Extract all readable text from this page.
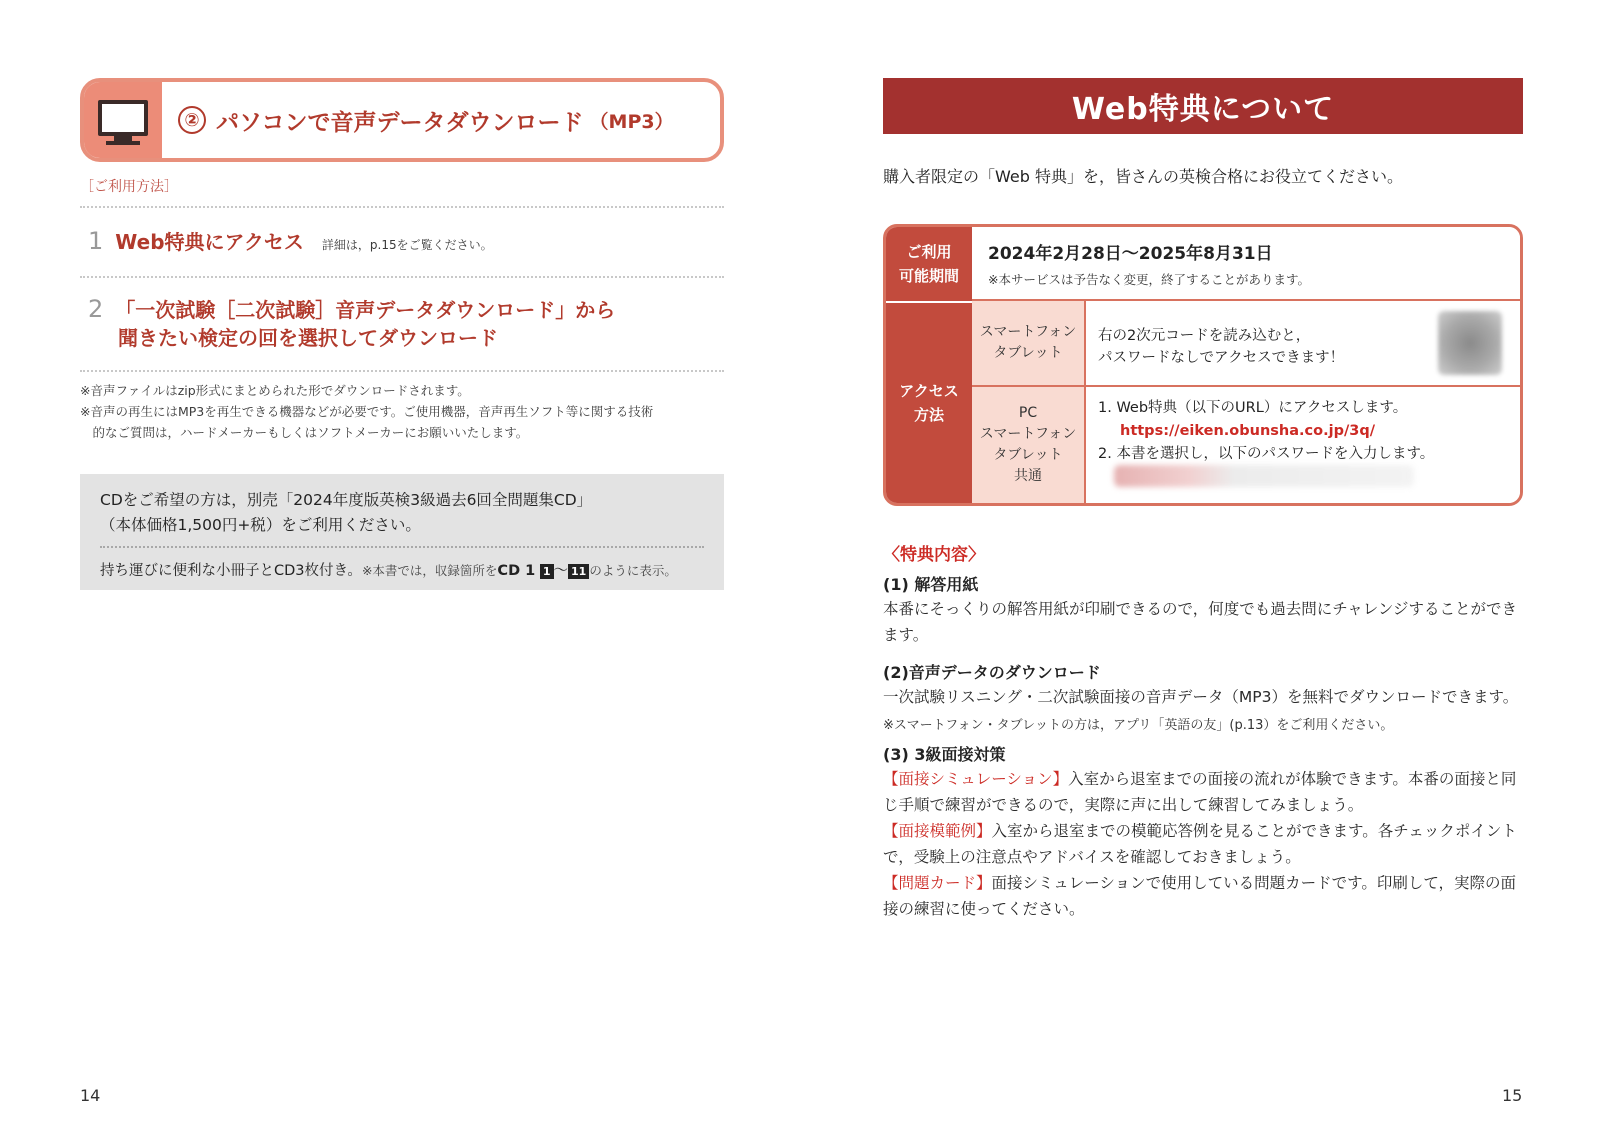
② パソコンで音声データダウンロード （MP3）
［ご利用方法］
1 Web特典にアクセス 詳細は，p.15をご覧ください。
2 「一次試験［二次試験］音声データダウンロード」から
聞きたい検定の回を選択してダウンロード
※音声ファイルはzip形式にまとめられた形でダウンロードされます。
※音声の再生にはMP3を再生できる機器などが必要です。ご使用機器，音声再生ソフト等に関する技術
　的なご質問は，ハードメーカーもしくはソフトメーカーにお願いいたします。
CDをご希望の方は，別売「2024年度版英検3級過去6回全問題集CD」
（本体価格1,500円+税）をご利用ください。
持ち運びに便利な小冊子とCD3枚付き。※本書では，収録箇所をCD 1 1 〜 11 のように表示。
14
Web特典について
購入者限定の「Web 特典」を，皆さんの英検合格にお役立てください。
ご利用
可能期間
2024年2月28日〜2025年8月31日
※本サービスは予告なく変更，終了することがあります。
アクセス
方法
スマートフォン
タブレット
右の2次元コードを読み込むと，
パスワードなしでアクセスできます！
PC
スマートフォン
タブレット
共通
1. Web特典（以下のURL）にアクセスします。
https://eiken.obunsha.co.jp/3q/
2. 本書を選択し，以下のパスワードを入力します。
〈特典内容〉
(1) 解答用紙
本番にそっくりの解答用紙が印刷できるので，何度でも過去問にチャレンジすることができます。
(2)音声データのダウンロード
一次試験リスニング・二次試験面接の音声データ（MP3）を無料でダウンロードできます。
※スマートフォン・タブレットの方は，アプリ「英語の友」(p.13）をご利用ください。
(3) 3級面接対策
【面接シミュレーション】入室から退室までの面接の流れが体験できます。本番の面接と同じ手順で練習ができるので，実際に声に出して練習してみましょう。
【面接模範例】入室から退室までの模範応答例を見ることができます。各チェックポイントで，受験上の注意点やアドバイスを確認しておきましょう。
【問題カード】面接シミュレーションで使用している問題カードです。印刷して，実際の面接の練習に使ってください。
15
